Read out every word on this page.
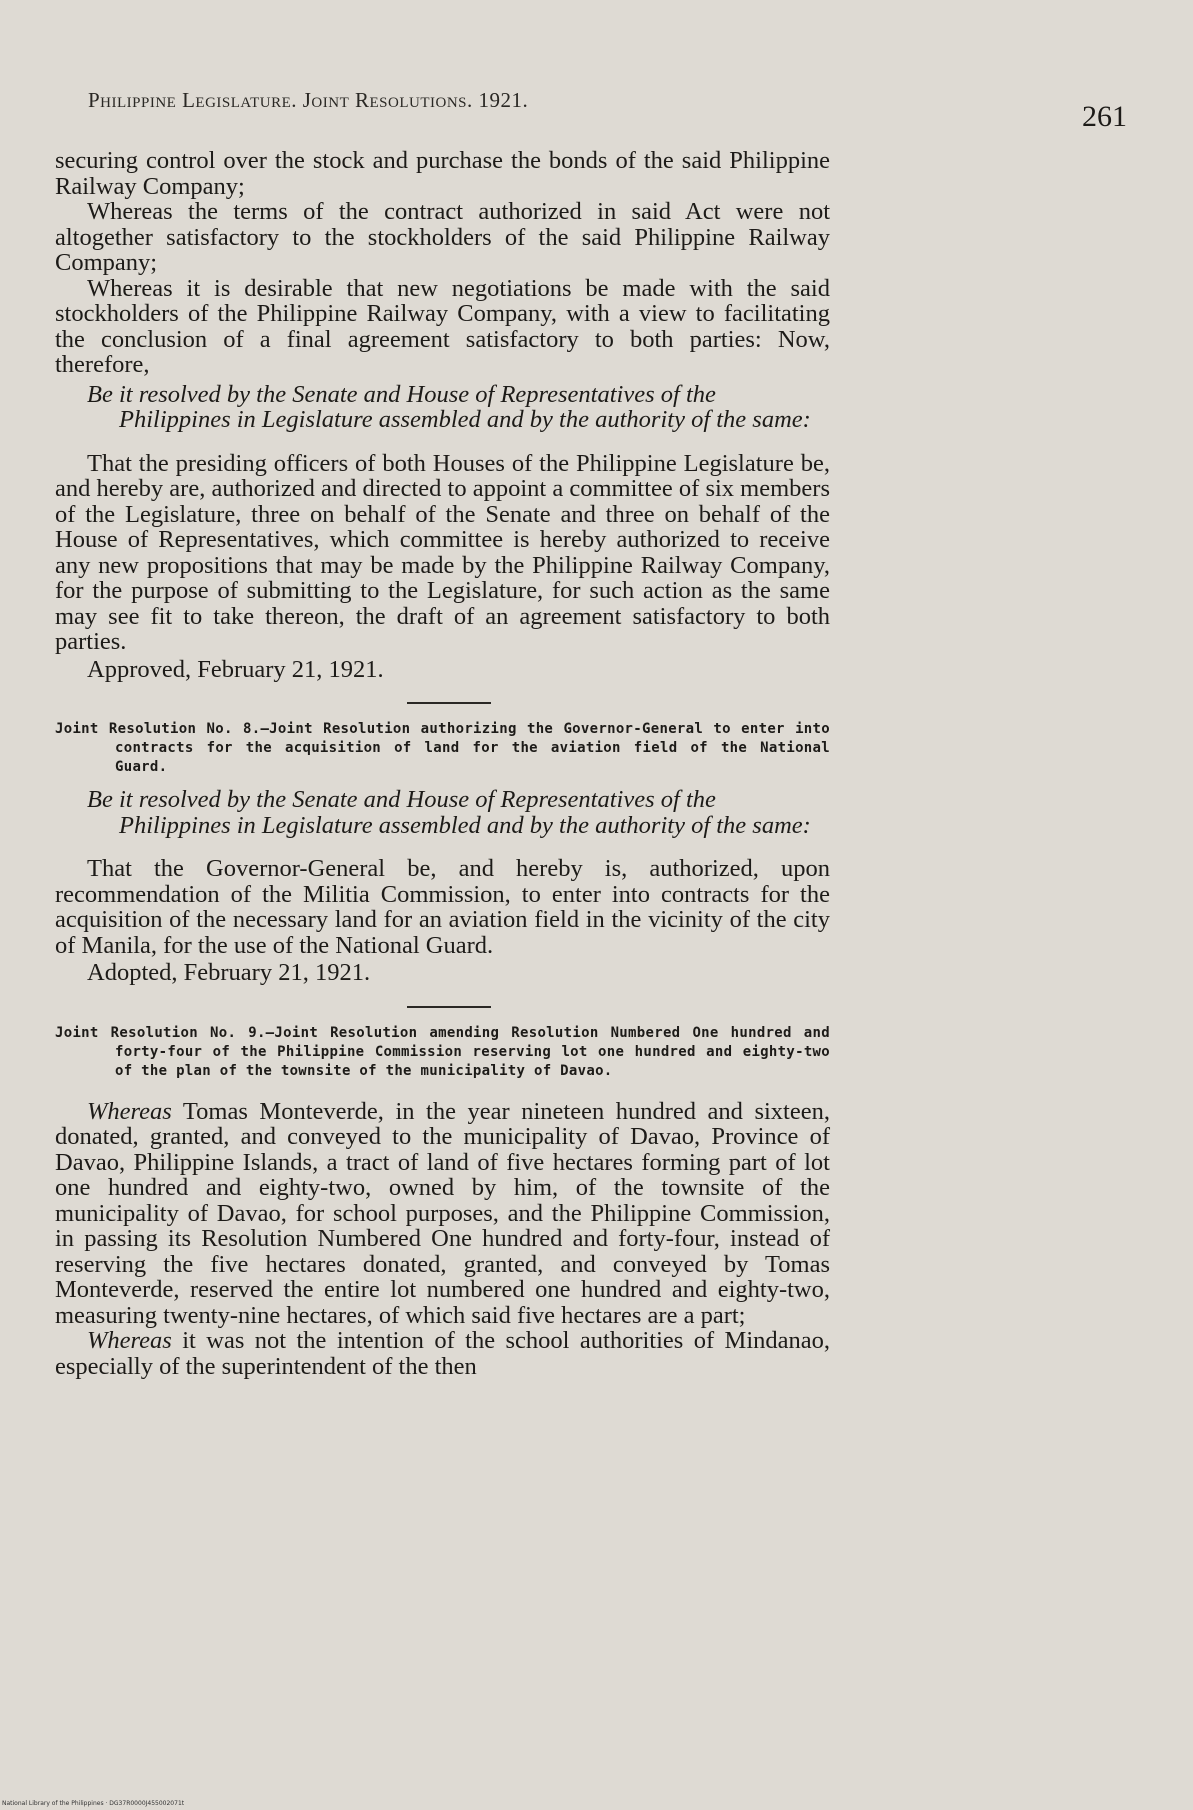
Philippine Legislature. Joint Resolutions. 1921.	261

securing control over the stock and purchase the bonds of the said Philippine Railway Company;

Whereas the terms of the contract authorized in said Act were not altogether satisfactory to the stockholders of the said Philippine Railway Company;

Whereas it is desirable that new negotiations be made with the said stockholders of the Philippine Railway Company, with a view to facilitating the conclusion of a final agreement satisfactory to both parties: Now, therefore,

Be it resolved by the Senate and House of Representatives of the Philippines in Legislature assembled and by the authority of the same:

That the presiding officers of both Houses of the Philippine Legislature be, and hereby are, authorized and directed to appoint a committee of six members of the Legislature, three on behalf of the Senate and three on behalf of the House of Representatives, which committee is hereby authorized to receive any new propositions that may be made by the Philippine Railway Company, for the purpose of submitting to the Legislature, for such action as the same may see fit to take thereon, the draft of an agreement satisfactory to both parties.

Approved, February 21, 1921.

Joint Resolution No. 8.—Joint Resolution authorizing the Governor-General to enter into contracts for the acquisition of land for the aviation field of the National Guard.

Be it resolved by the Senate and House of Representatives of the Philippines in Legislature assembled and by the authority of the same:

That the Governor-General be, and hereby is, authorized, upon recommendation of the Militia Commission, to enter into contracts for the acquisition of the necessary land for an aviation field in the vicinity of the city of Manila, for the use of the National Guard.

Adopted, February 21, 1921.

Joint Resolution No. 9.—Joint Resolution amending Resolution Numbered One hundred and forty-four of the Philippine Commission reserving lot one hundred and eighty-two of the plan of the townsite of the municipality of Davao.

Whereas Tomas Monteverde, in the year nineteen hundred and sixteen, donated, granted, and conveyed to the municipality of Davao, Province of Davao, Philippine Islands, a tract of land of five hectares forming part of lot one hundred and eighty-two, owned by him, of the townsite of the municipality of Davao, for school purposes, and the Philippine Commission, in passing its Resolution Numbered One hundred and forty-four, instead of reserving the five hectares donated, granted, and conveyed by Tomas Monteverde, reserved the entire lot numbered one hundred and eighty-two, measuring twenty-nine hectares, of which said five hectares are a part;

Whereas it was not the intention of the school authorities of Mindanao, especially of the superintendent of the then

National Library of the Philippines · DG37R0000J455002071t
